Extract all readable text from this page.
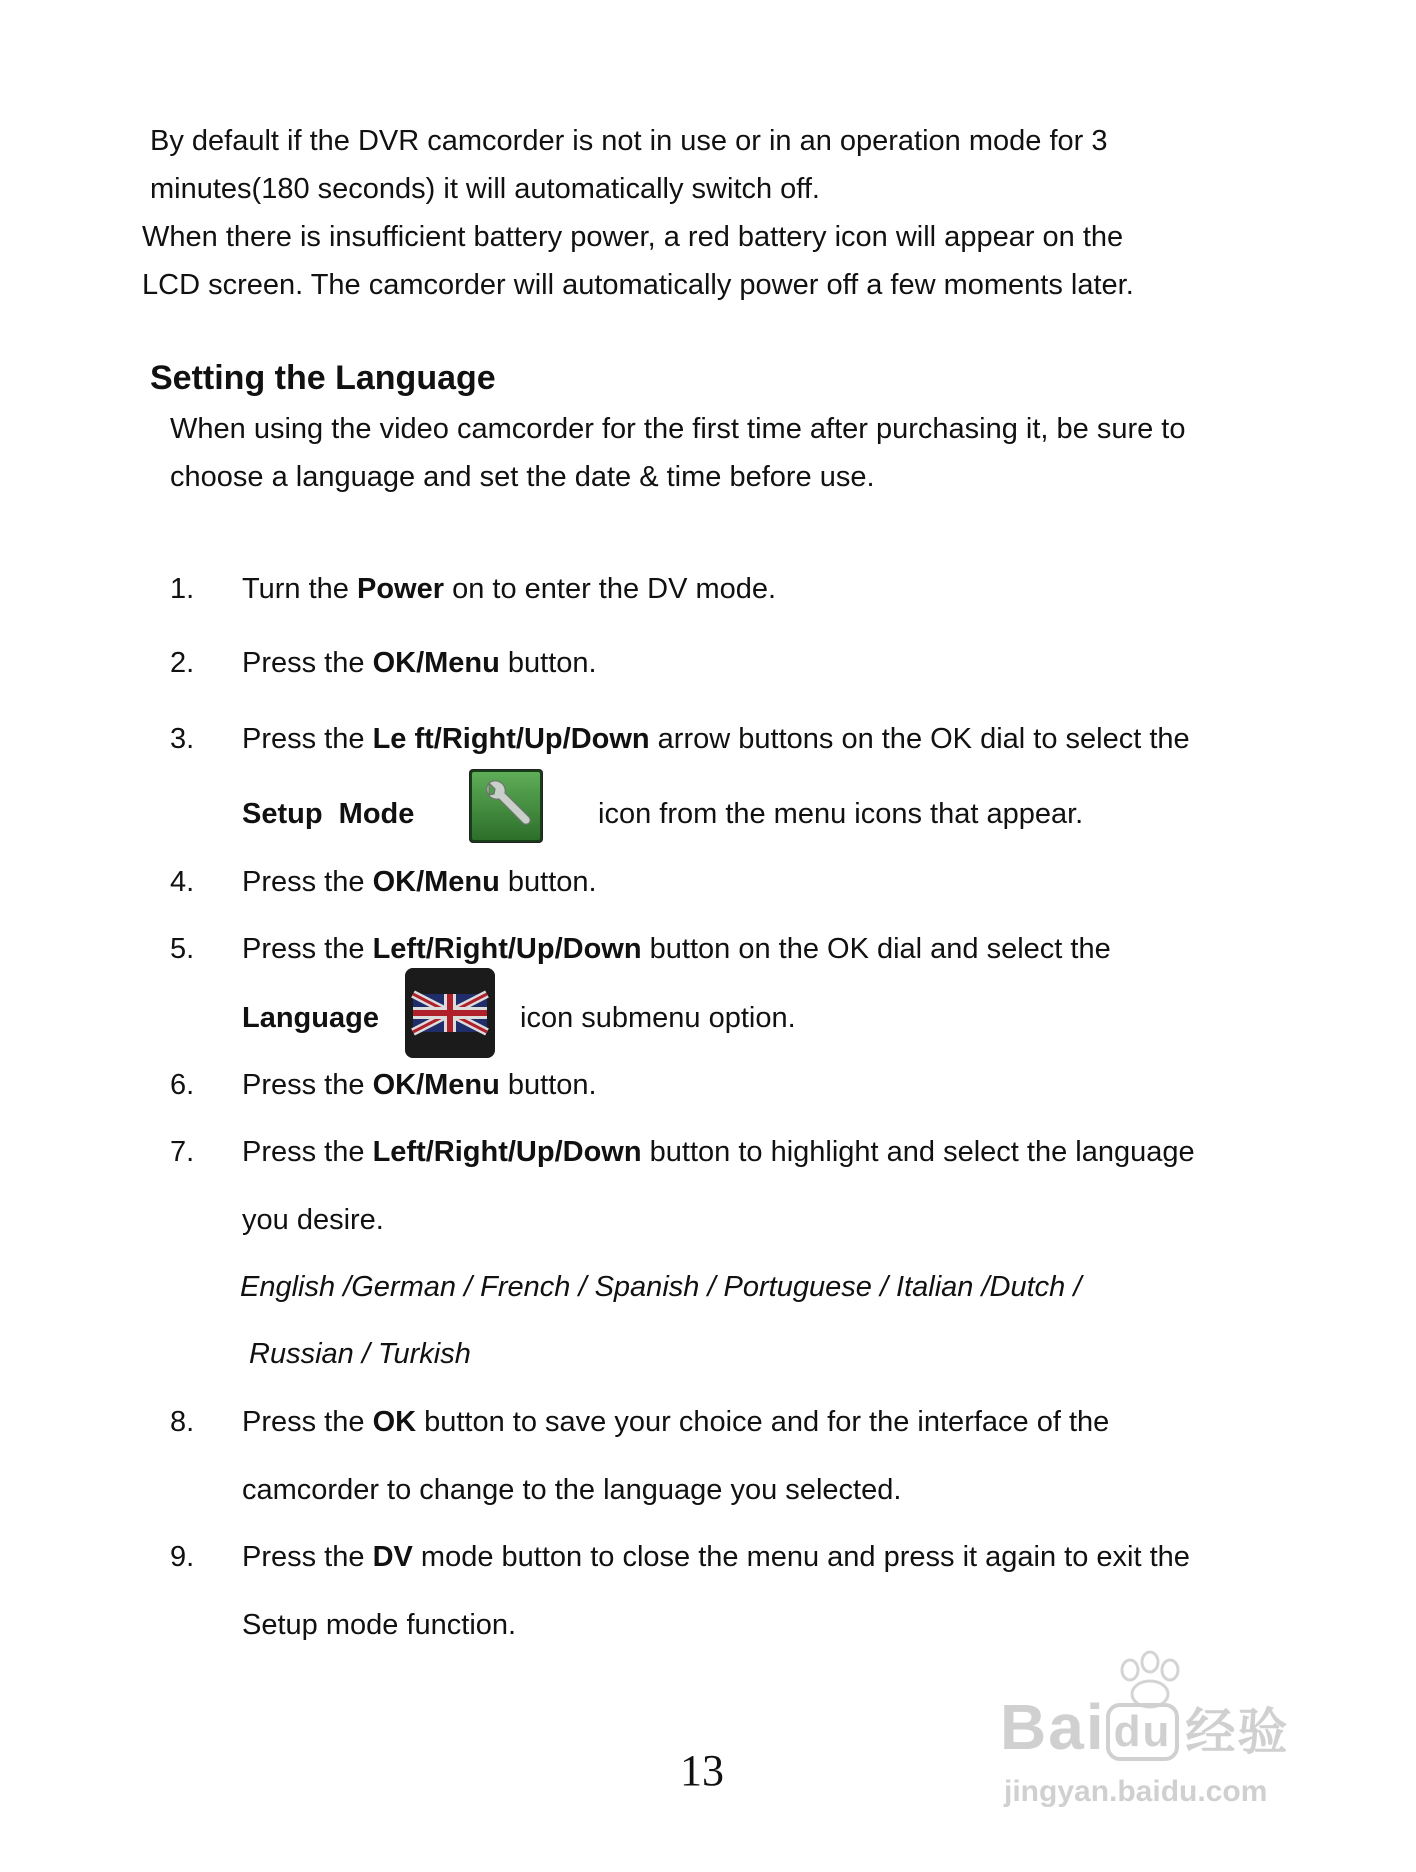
By default if the DVR camcorder is not in use or in an operation mode for 3
minutes(180 seconds) it will automatically switch off.
When there is insufficient battery power, a red battery icon will appear on the
LCD screen. The camcorder will automatically power off a few moments later.
Setting the Language
When using the video camcorder for the first time after purchasing it, be sure to
choose a language and set the date & time before use.
1. Turn the Power on to enter the DV mode.
2. Press the OK/Menu button.
3. Press the Le ft/Right/Up/Down arrow buttons on the OK dial to select the
Setup  Mode	icon from the menu icons that appear.
4. Press the OK/Menu button.
5. Press the Left/Right/Up/Down button on the OK dial and select the
Language	icon submenu option.
6. Press the OK/Menu button.
7. Press the Left/Right/Up/Down button to highlight and select the language
you desire.
English /German / French / Spanish / Portuguese / Italian /Dutch /
Russian / Turkish
8. Press the OK button to save your choice and for the interface of the
camcorder to change to the language you selected.
9. Press the DV mode button to close the menu and press it again to exit the
Setup mode function.
13
Bai du 经验
jingyan.baidu.com
